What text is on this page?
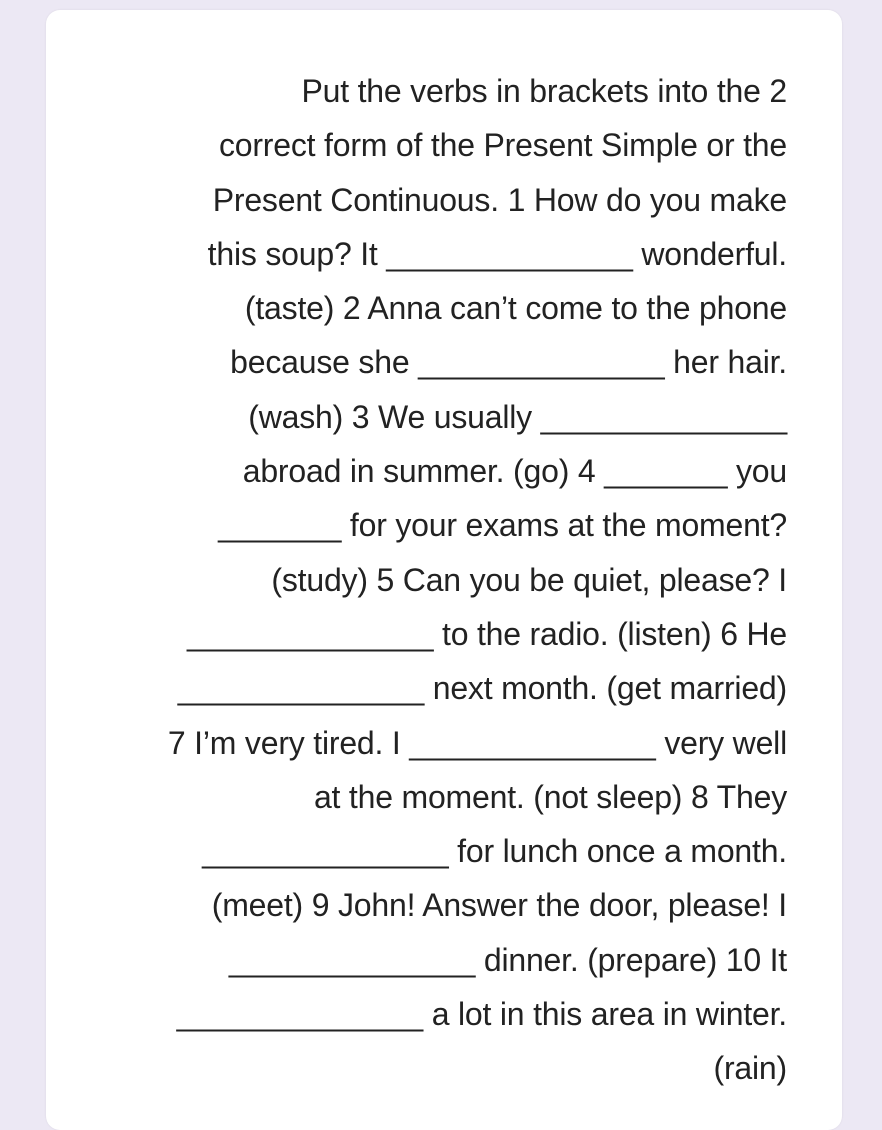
Put the verbs in brackets into the 2
correct form of the Present Simple or the
Present Continuous. 1 How do you make
this soup? It ______________ wonderful.
(taste) 2 Anna can’t come to the phone
because she ______________ her hair.
(wash) 3 We usually ______________
abroad in summer. (go) 4 _______ you
_______ for your exams at the moment?
(study) 5 Can you be quiet, please? I
______________ to the radio. (listen) 6 He
______________ next month. (get married)
7 I’m very tired. I ______________ very well
at the moment. (not sleep) 8 They
______________ for lunch once a month.
(meet) 9 John! Answer the door, please! I
______________ dinner. (prepare) 10 It
______________ a lot in this area in winter.
(rain)
